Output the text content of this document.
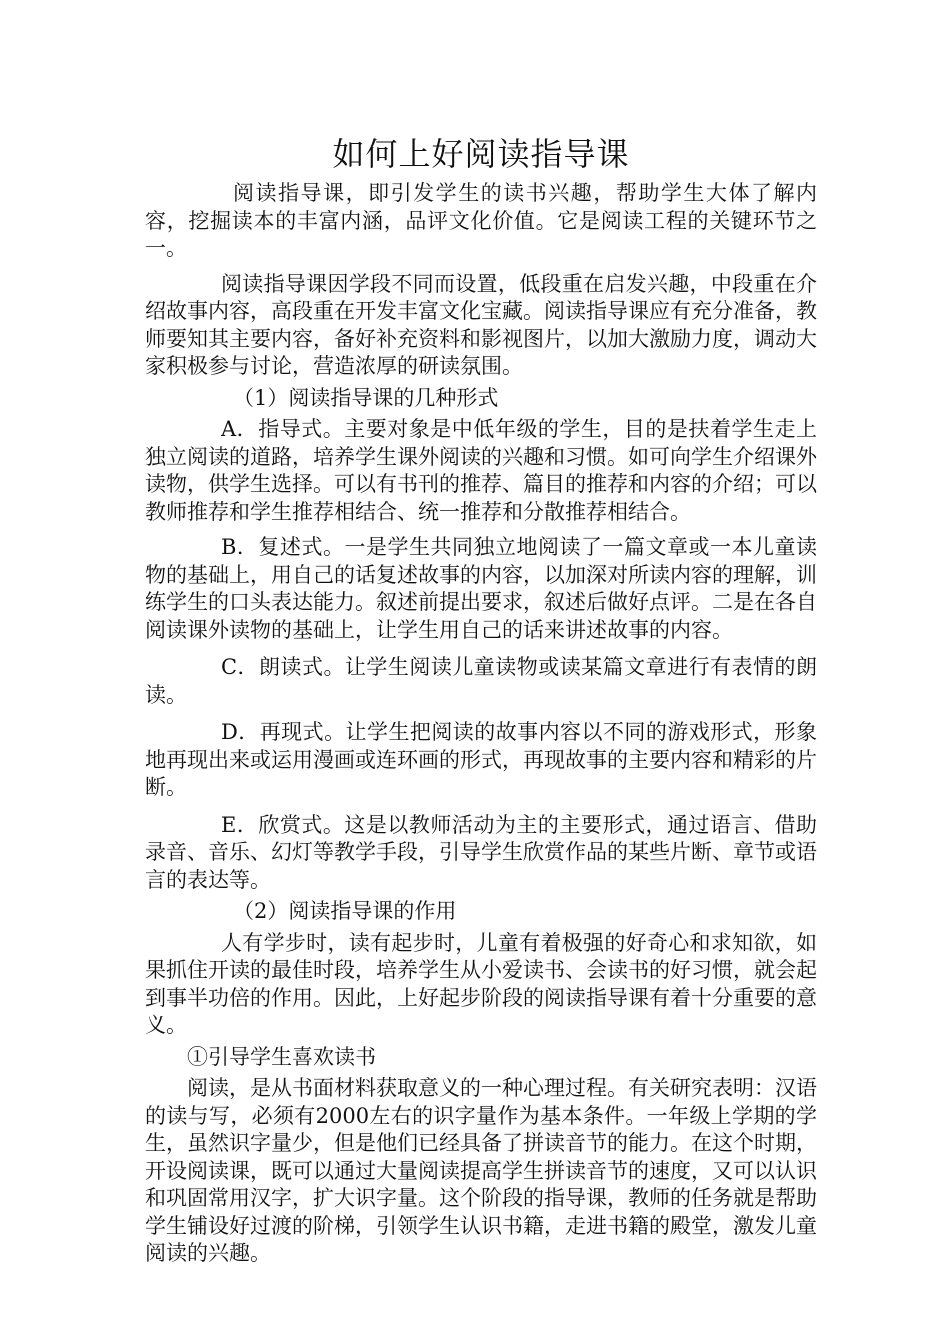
如何上好阅读指导课

阅读指导课，即引发学生的读书兴趣，帮助学生大体了解内容，挖掘读本的丰富内涵，品评文化价值。它是阅读工程的关键环节之一。

阅读指导课因学段不同而设置，低段重在启发兴趣，中段重在介绍故事内容，高段重在开发丰富文化宝藏。阅读指导课应有充分准备，教师要知其主要内容，备好补充资料和影视图片，以加大激励力度，调动大家积极参与讨论，营造浓厚的研读氛围。

（1）阅读指导课的几种形式

A．指导式。主要对象是中低年级的学生，目的是扶着学生走上独立阅读的道路，培养学生课外阅读的兴趣和习惯。如可向学生介绍课外读物，供学生选择。可以有书刊的推荐、篇目的推荐和内容的介绍；可以教师推荐和学生推荐相结合、统一推荐和分散推荐相结合。

B．复述式。一是学生共同独立地阅读了一篇文章或一本儿童读物的基础上，用自己的话复述故事的内容，以加深对所读内容的理解，训练学生的口头表达能力。叙述前提出要求，叙述后做好点评。二是在各自阅读课外读物的基础上，让学生用自己的话来讲述故事的内容。

C．朗读式。让学生阅读儿童读物或读某篇文章进行有表情的朗读。

D．再现式。让学生把阅读的故事内容以不同的游戏形式，形象地再现出来或运用漫画或连环画的形式，再现故事的主要内容和精彩的片断。

E．欣赏式。这是以教师活动为主的主要形式，通过语言、借助录音、音乐、幻灯等教学手段，引导学生欣赏作品的某些片断、章节或语言的表达等。

（2）阅读指导课的作用

人有学步时，读有起步时，儿童有着极强的好奇心和求知欲，如果抓住开读的最佳时段，培养学生从小爱读书、会读书的好习惯，就会起到事半功倍的作用。因此，上好起步阶段的阅读指导课有着十分重要的意义。

①引导学生喜欢读书

阅读，是从书面材料获取意义的一种心理过程。有关研究表明：汉语的读与写，必须有2000左右的识字量作为基本条件。一年级上学期的学生，虽然识字量少，但是他们已经具备了拼读音节的能力。在这个时期，开设阅读课，既可以通过大量阅读提高学生拼读音节的速度，又可以认识和巩固常用汉字，扩大识字量。这个阶段的指导课，教师的任务就是帮助学生铺设好过渡的阶梯，引领学生认识书籍，走进书籍的殿堂，激发儿童阅读的兴趣。
